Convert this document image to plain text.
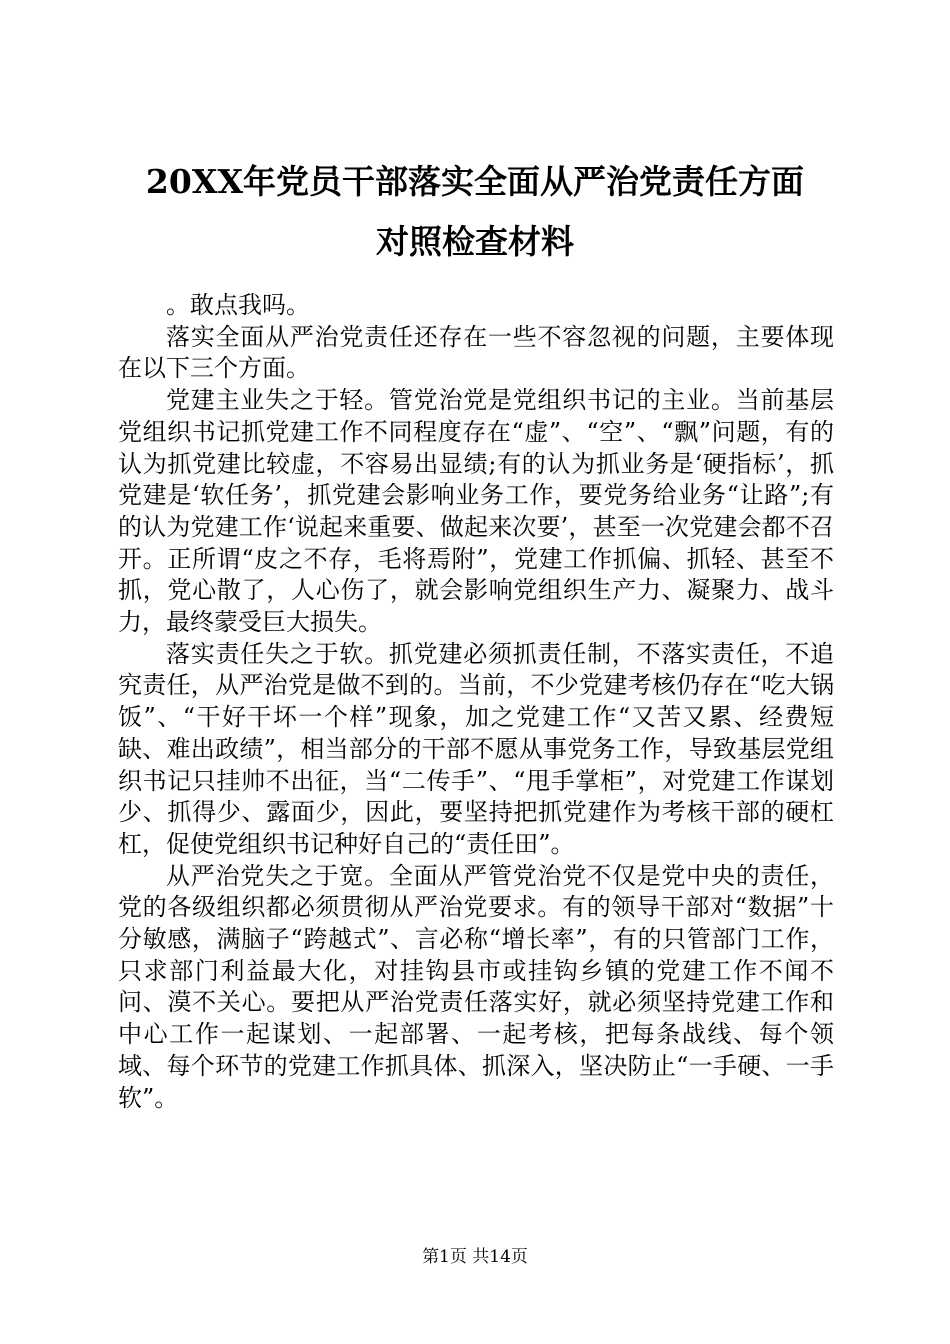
20XX年党员干部落实全面从严治党责任方面
对照检查材料

。敢点我吗。

落实全面从严治党责任还存在一些不容忽视的问题，主要体现在以下三个方面。

党建主业失之于轻。管党治党是党组织书记的主业。当前基层党组织书记抓党建工作不同程度存在“虚”、“空”、“飘”问题，有的认为抓党建比较虚，不容易出显绩;有的认为抓业务是‘硬指标’，抓党建是‘软任务’，抓党建会影响业务工作，要党务给业务“让路”;有的认为党建工作‘说起来重要、做起来次要’，甚至一次党建会都不召开。正所谓“皮之不存，毛将焉附”，党建工作抓偏、抓轻、甚至不抓，党心散了，人心伤了，就会影响党组织生产力、凝聚力、战斗力，最终蒙受巨大损失。

落实责任失之于软。抓党建必须抓责任制，不落实责任，不追究责任，从严治党是做不到的。当前，不少党建考核仍存在“吃大锅饭”、“干好干坏一个样”现象，加之党建工作“又苦又累、经费短缺、难出政绩”，相当部分的干部不愿从事党务工作，导致基层党组织书记只挂帅不出征，当“二传手”、“甩手掌柜”，对党建工作谋划少、抓得少、露面少，因此，要坚持把抓党建作为考核干部的硬杠杠，促使党组织书记种好自己的“责任田”。

从严治党失之于宽。全面从严管党治党不仅是党中央的责任，党的各级组织都必须贯彻从严治党要求。有的领导干部对“数据”十分敏感，满脑子“跨越式”、言必称“增长率”，有的只管部门工作，只求部门利益最大化，对挂钩县市或挂钩乡镇的党建工作不闻不问、漠不关心。要把从严治党责任落实好，就必须坚持党建工作和中心工作一起谋划、一起部署、一起考核，把每条战线、每个领域、每个环节的党建工作抓具体、抓深入，坚决防止“一手硬、一手软”。

第1页 共14页
